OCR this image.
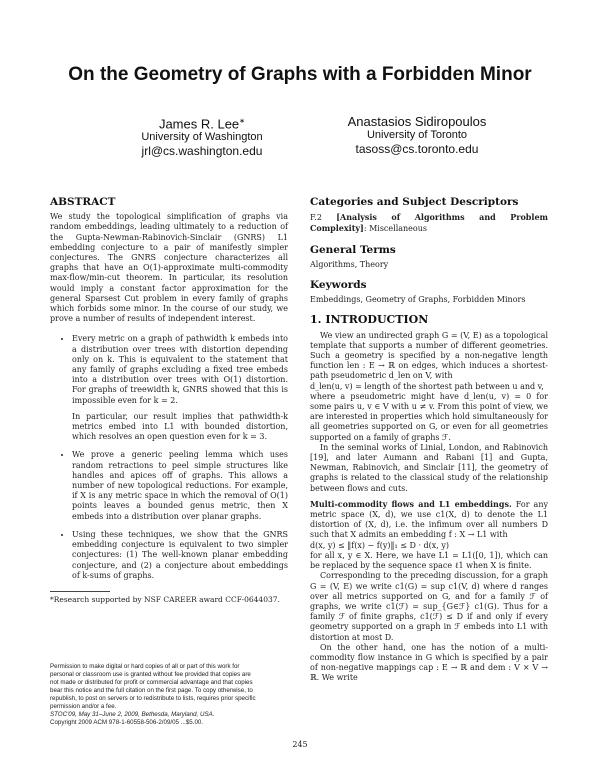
On the Geometry of Graphs with a Forbidden Minor
James R. Lee∗
University of Washington
jrl@cs.washington.edu
Anastasios Sidiropoulos
University of Toronto
tasoss@cs.toronto.edu
ABSTRACT

We study the topological simplification of graphs via random embeddings, leading ultimately to a reduction of the Gupta-Newman-Rabinovich-Sinclair (GNRS) L1 embedding conjecture to a pair of manifestly simpler conjectures. The GNRS conjecture characterizes all graphs that have an O(1)-approximate multi-commodity max-flow/min-cut theorem. In particular, its resolution would imply a constant factor approximation for the general Sparsest Cut problem in every family of graphs which forbids some minor. In the course of our study, we prove a number of results of independent interest.

• Every metric on a graph of pathwidth k embeds into a distribution over trees with distortion depending only on k. This is equivalent to the statement that any family of graphs excluding a fixed tree embeds into a distribution over trees with O(1) distortion. For graphs of treewidth k, GNRS showed that this is impossible even for k = 2.

In particular, our result implies that pathwidth-k metrics embed into L1 with bounded distortion, which resolves an open question even for k = 3.

• We prove a generic peeling lemma which uses random retractions to peel simple structures like handles and apices off of graphs. This allows a number of new topological reductions. For example, if X is any metric space in which the removal of O(1) points leaves a bounded genus metric, then X embeds into a distribution over planar graphs.
• Using these techniques, we show that the GNRS embedding conjecture is equivalent to two simpler conjectures: (1) The well-known planar embedding conjecture, and (2) a conjecture about embeddings of k-sums of graphs.

*Research supported by NSF CAREER award CCF-0644037.

Permission to make digital or hard copies of all or part of this work for
personal or classroom use is granted without fee provided that copies are
not made or distributed for profit or commercial advantage and that copies
bear this notice and the full citation on the first page. To copy otherwise, to
republish, to post on servers or to redistribute to lists, requires prior specific
permission and/or a fee.
STOC'09, May 31–June 2, 2009, Bethesda, Maryland, USA.
Copyright 2009 ACM 978-1-60558-506-2/09/05 ...$5.00.

Categories and Subject Descriptors

F.2 [Analysis of Algorithms and Problem Complexity]: Miscellaneous

General Terms

Algorithms, Theory

Keywords

Embeddings, Geometry of Graphs, Forbidden Minors

1. INTRODUCTION

We view an undirected graph G = (V, E) as a topological template that supports a number of different geometries. Such a geometry is specified by a non-negative length function len : E → ℝ on edges, which induces a shortest-path pseudometric d_len on V, with

d_len(u, v) = length of the shortest path between u and v,

where a pseudometric might have d_len(u, v) = 0 for some pairs u, v ∈ V with u ≠ v. From this point of view, we are interested in properties which hold simultaneously for all geometries supported on G, or even for all geometries supported on a family of graphs ℱ.

In the seminal works of Linial, London, and Rabinovich [19], and later Aumann and Rabani [1] and Gupta, Newman, Rabinovich, and Sinclair [11], the geometry of graphs is related to the classical study of the relationship between flows and cuts.

Multi-commodity flows and L1 embeddings. For any metric space (X, d), we use c1(X, d) to denote the L1 distortion of (X, d), i.e. the infimum over all numbers D such that X admits an embedding f : X → L1 with

d(x, y) ≤ ‖f(x) − f(y)‖₁ ≤ D · d(x, y)

for all x, y ∈ X. Here, we have L1 = L1([0, 1]), which can be replaced by the sequence space ℓ1 when X is finite.

Corresponding to the preceding discussion, for a graph G = (V, E) we write c1(G) = sup c1(V, d) where d ranges over all metrics supported on G, and for a family ℱ of graphs, we write c1(ℱ) = sup_{G∈ℱ} c1(G). Thus for a family ℱ of finite graphs, c1(ℱ) ≤ D if and only if every geometry supported on a graph in ℱ embeds into L1 with distortion at most D.

On the other hand, one has the notion of a multi-commodity flow instance in G which is specified by a pair of non-negative mappings cap : E → ℝ and dem : V × V → ℝ. We write

245
